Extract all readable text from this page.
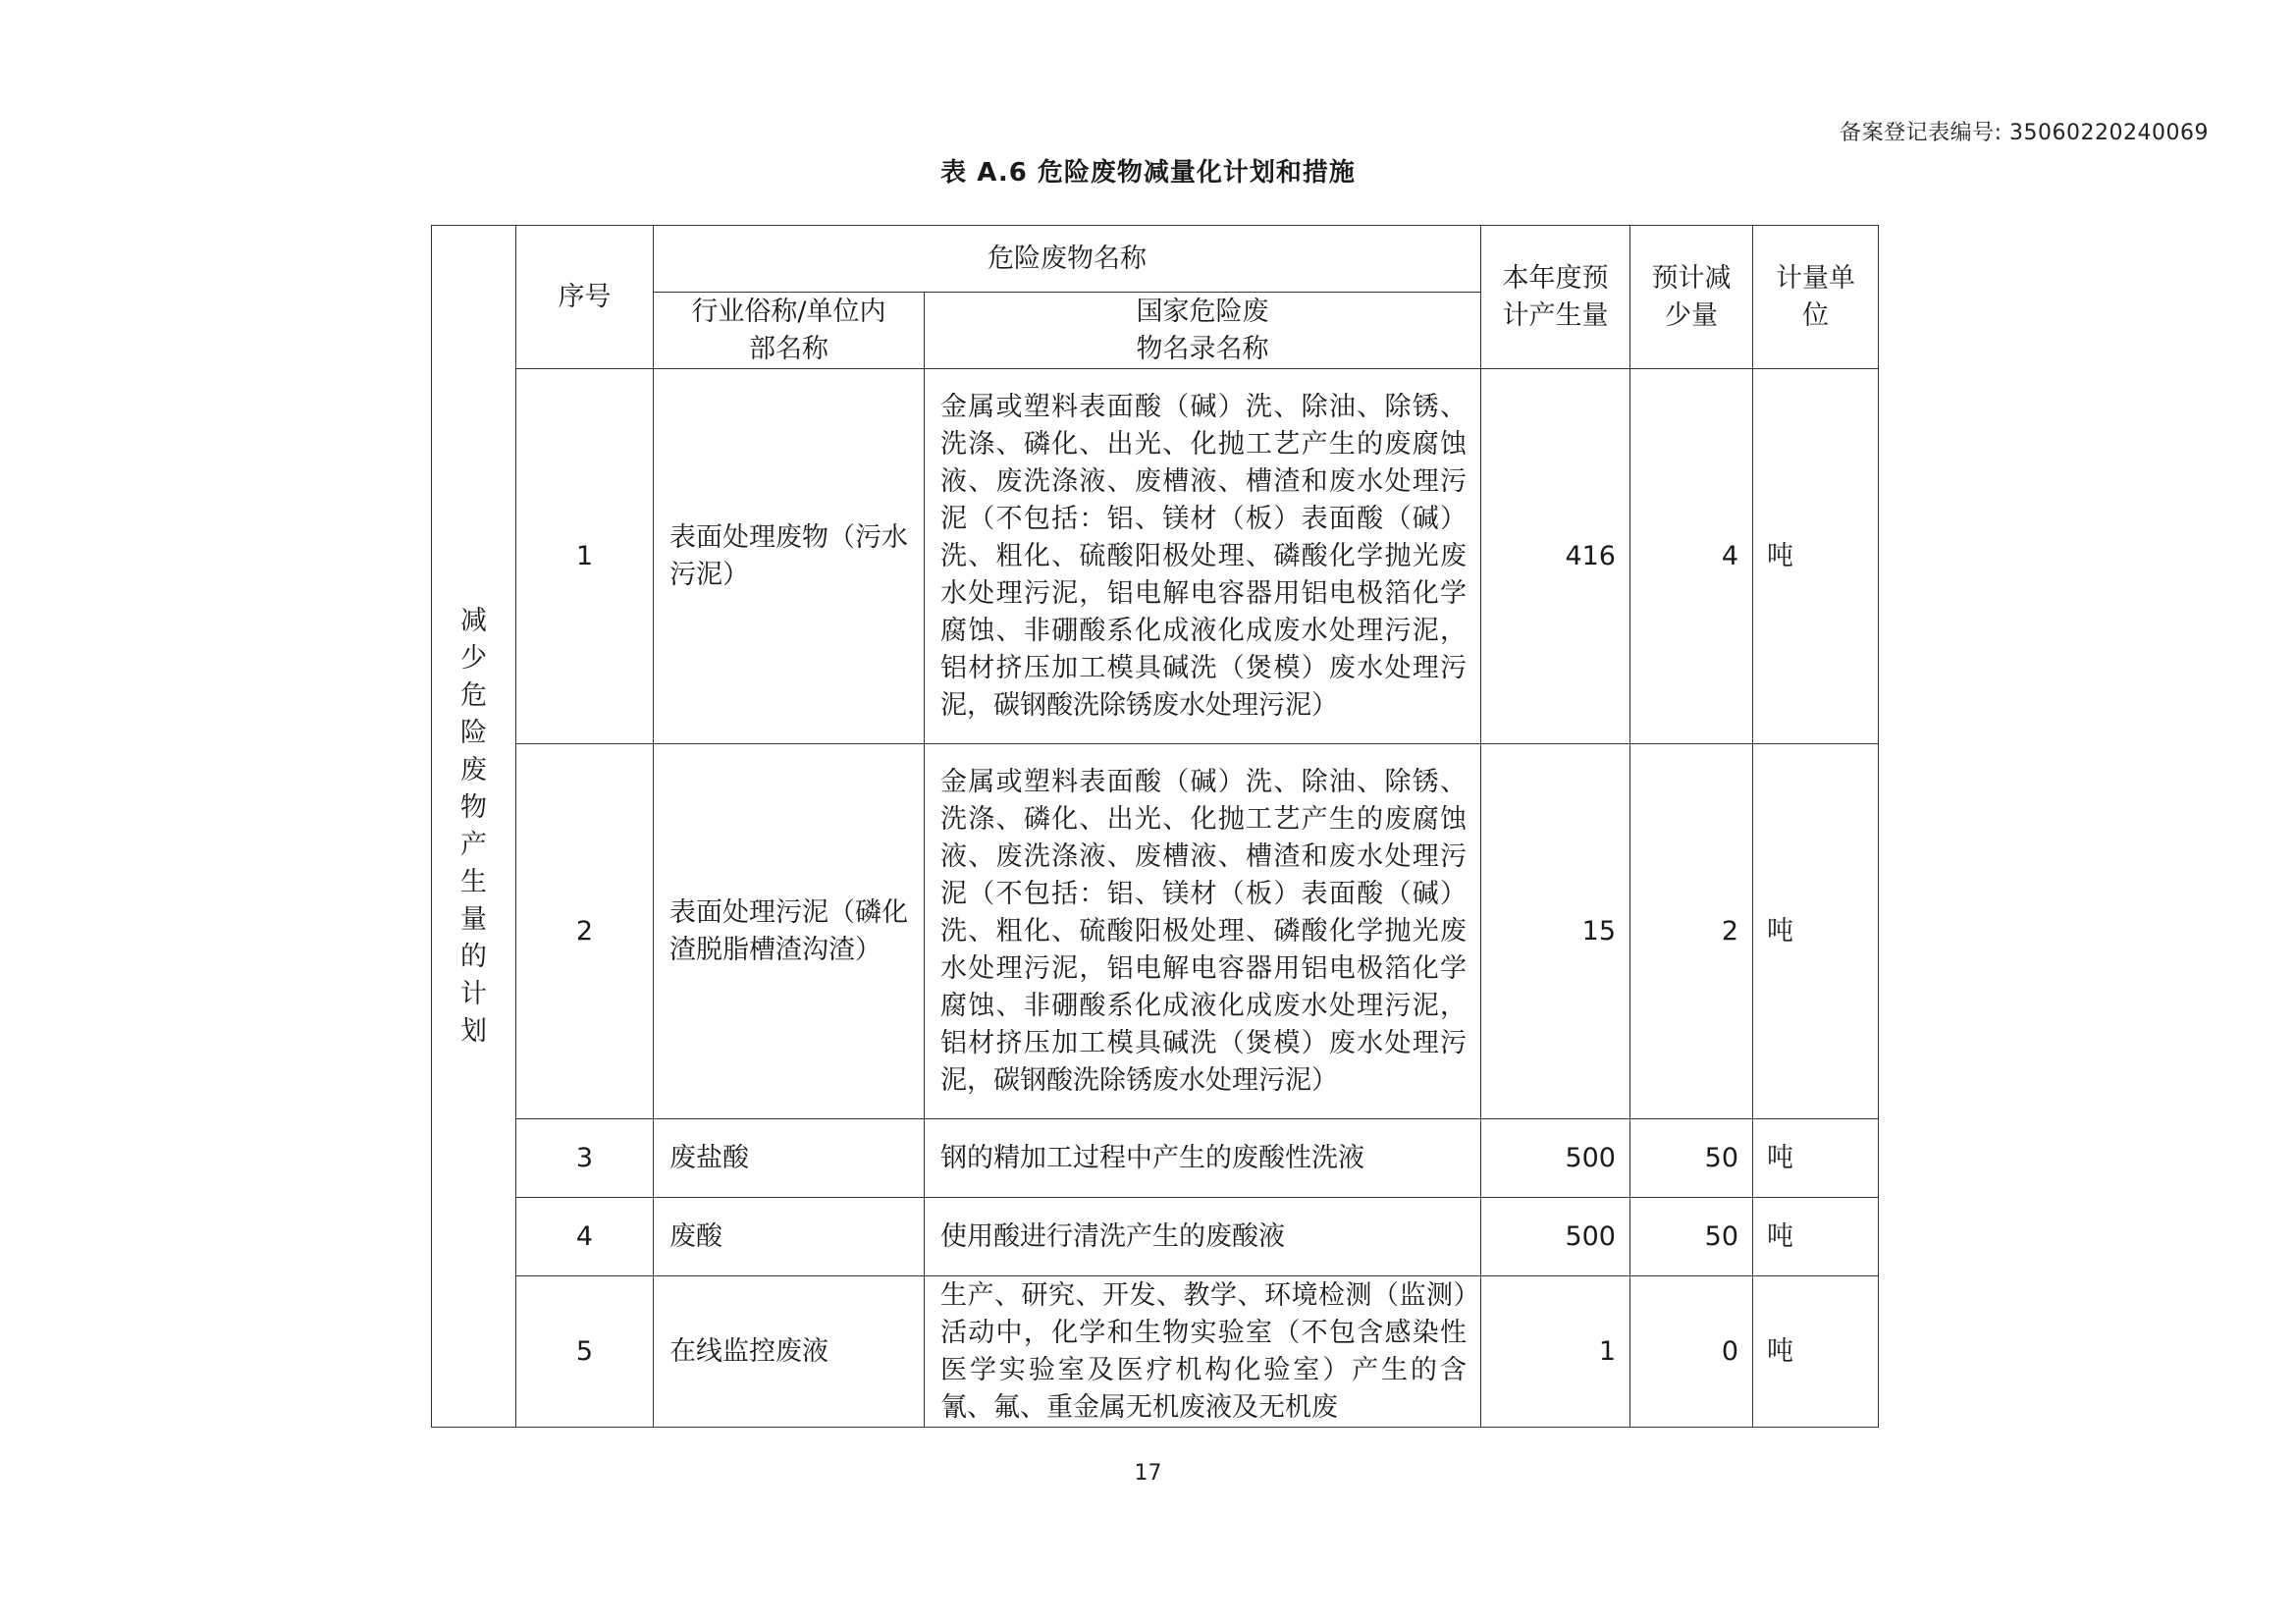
备案登记表编号: 35060220240069
表 A.6 危险废物减量化计划和措施
减少危险废物产生量的计划	序号	危险废物名称		本年度预计产生量	预计减少量	计量单位
		行业俗称/单位内部名称	国家危险废物名录名称			
	1	表面处理废物（污水污泥）	金属或塑料表面酸（碱）洗、除油、除锈、洗涤、磷化、出光、化抛工艺产生的废腐蚀液、废洗涤液、废槽液、槽渣和废水处理污泥（不包括：铝、镁材（板）表面酸（碱）洗、粗化、硫酸阳极处理、磷酸化学抛光废水处理污泥，铝电解电容器用铝电极箔化学腐蚀、非硼酸系化成液化成废水处理污泥，铝材挤压加工模具碱洗（煲模）废水处理污泥，碳钢酸洗除锈废水处理污泥）	416	4	吨
	2	表面处理污泥（磷化渣脱脂槽渣沟渣）	金属或塑料表面酸（碱）洗、除油、除锈、洗涤、磷化、出光、化抛工艺产生的废腐蚀液、废洗涤液、废槽液、槽渣和废水处理污泥（不包括：铝、镁材（板）表面酸（碱）洗、粗化、硫酸阳极处理、磷酸化学抛光废水处理污泥，铝电解电容器用铝电极箔化学腐蚀、非硼酸系化成液化成废水处理污泥，铝材挤压加工模具碱洗（煲模）废水处理污泥，碳钢酸洗除锈废水处理污泥）	15	2	吨
	3	废盐酸	钢的精加工过程中产生的废酸性洗液	500	50	吨
	4	废酸	使用酸进行清洗产生的废酸液	500	50	吨
	5	在线监控废液	生产、研究、开发、教学、环境检测（监测）活动中，化学和生物实验室（不包含感染性医学实验室及医疗机构化验室）产生的含氰、氟、重金属无机废液及无机废	1	0	吨
17
